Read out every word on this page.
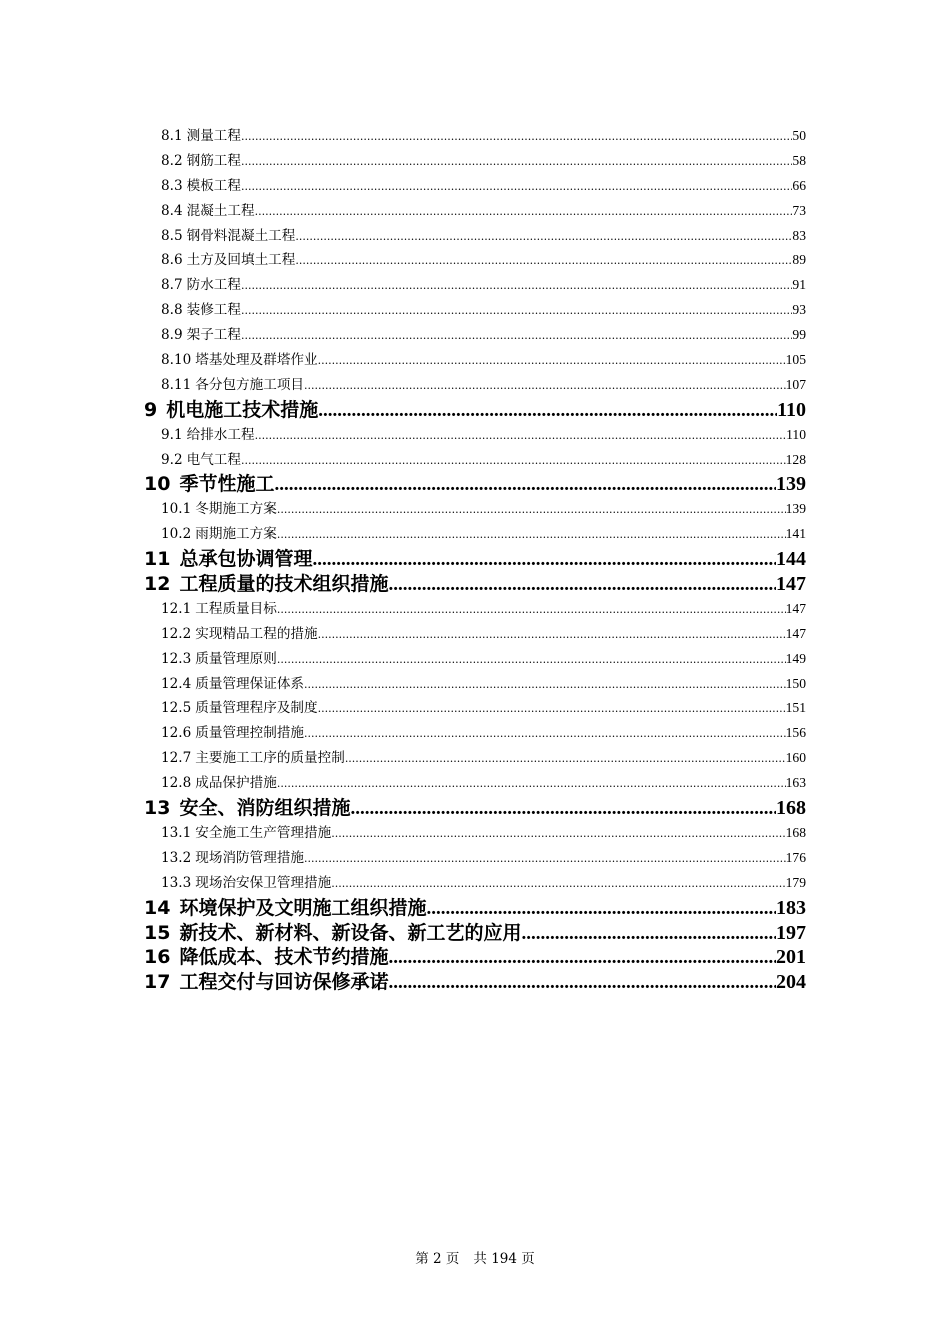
8.1 测量工程 .....	50
8.2 钢筋工程 .....	58
8.3 模板工程 .....	66
8.4 混凝土工程 .....	73
8.5 钢骨料混凝土工程 .....	83
8.6 土方及回填土工程 .....	89
8.7 防水工程 .....	91
8.8 装修工程 .....	93
8.9 架子工程 .....	99
8.10 塔基处理及群塔作业 .....	105
8.11 各分包方施工项目 .....	107
9 机电施工技术措施 .....	110
9.1 给排水工程 .....	110
9.2 电气工程 .....	128
10 季节性施工 .....	139
10.1 冬期施工方案 .....	139
10.2 雨期施工方案 .....	141
11 总承包协调管理 .....	144
12 工程质量的技术组织措施 .....	147
12.1 工程质量目标 .....	147
12.2 实现精品工程的措施 .....	147
12.3 质量管理原则 .....	149
12.4 质量管理保证体系 .....	150
12.5 质量管理程序及制度 .....	151
12.6 质量管理控制措施 .....	156
12.7 主要施工工序的质量控制 .....	160
12.8 成品保护措施 .....	163
13 安全、消防组织措施 .....	168
13.1 安全施工生产管理措施 .....	168
13.2 现场消防管理措施 .....	176
13.3 现场治安保卫管理措施 .....	179
14 环境保护及文明施工组织措施 .....	183
15 新技术、新材料、新设备、新工艺的应用 .....	197
16 降低成本、技术节约措施 .....	201
17 工程交付与回访保修承诺 .....	204
第 2 页 共 194 页
